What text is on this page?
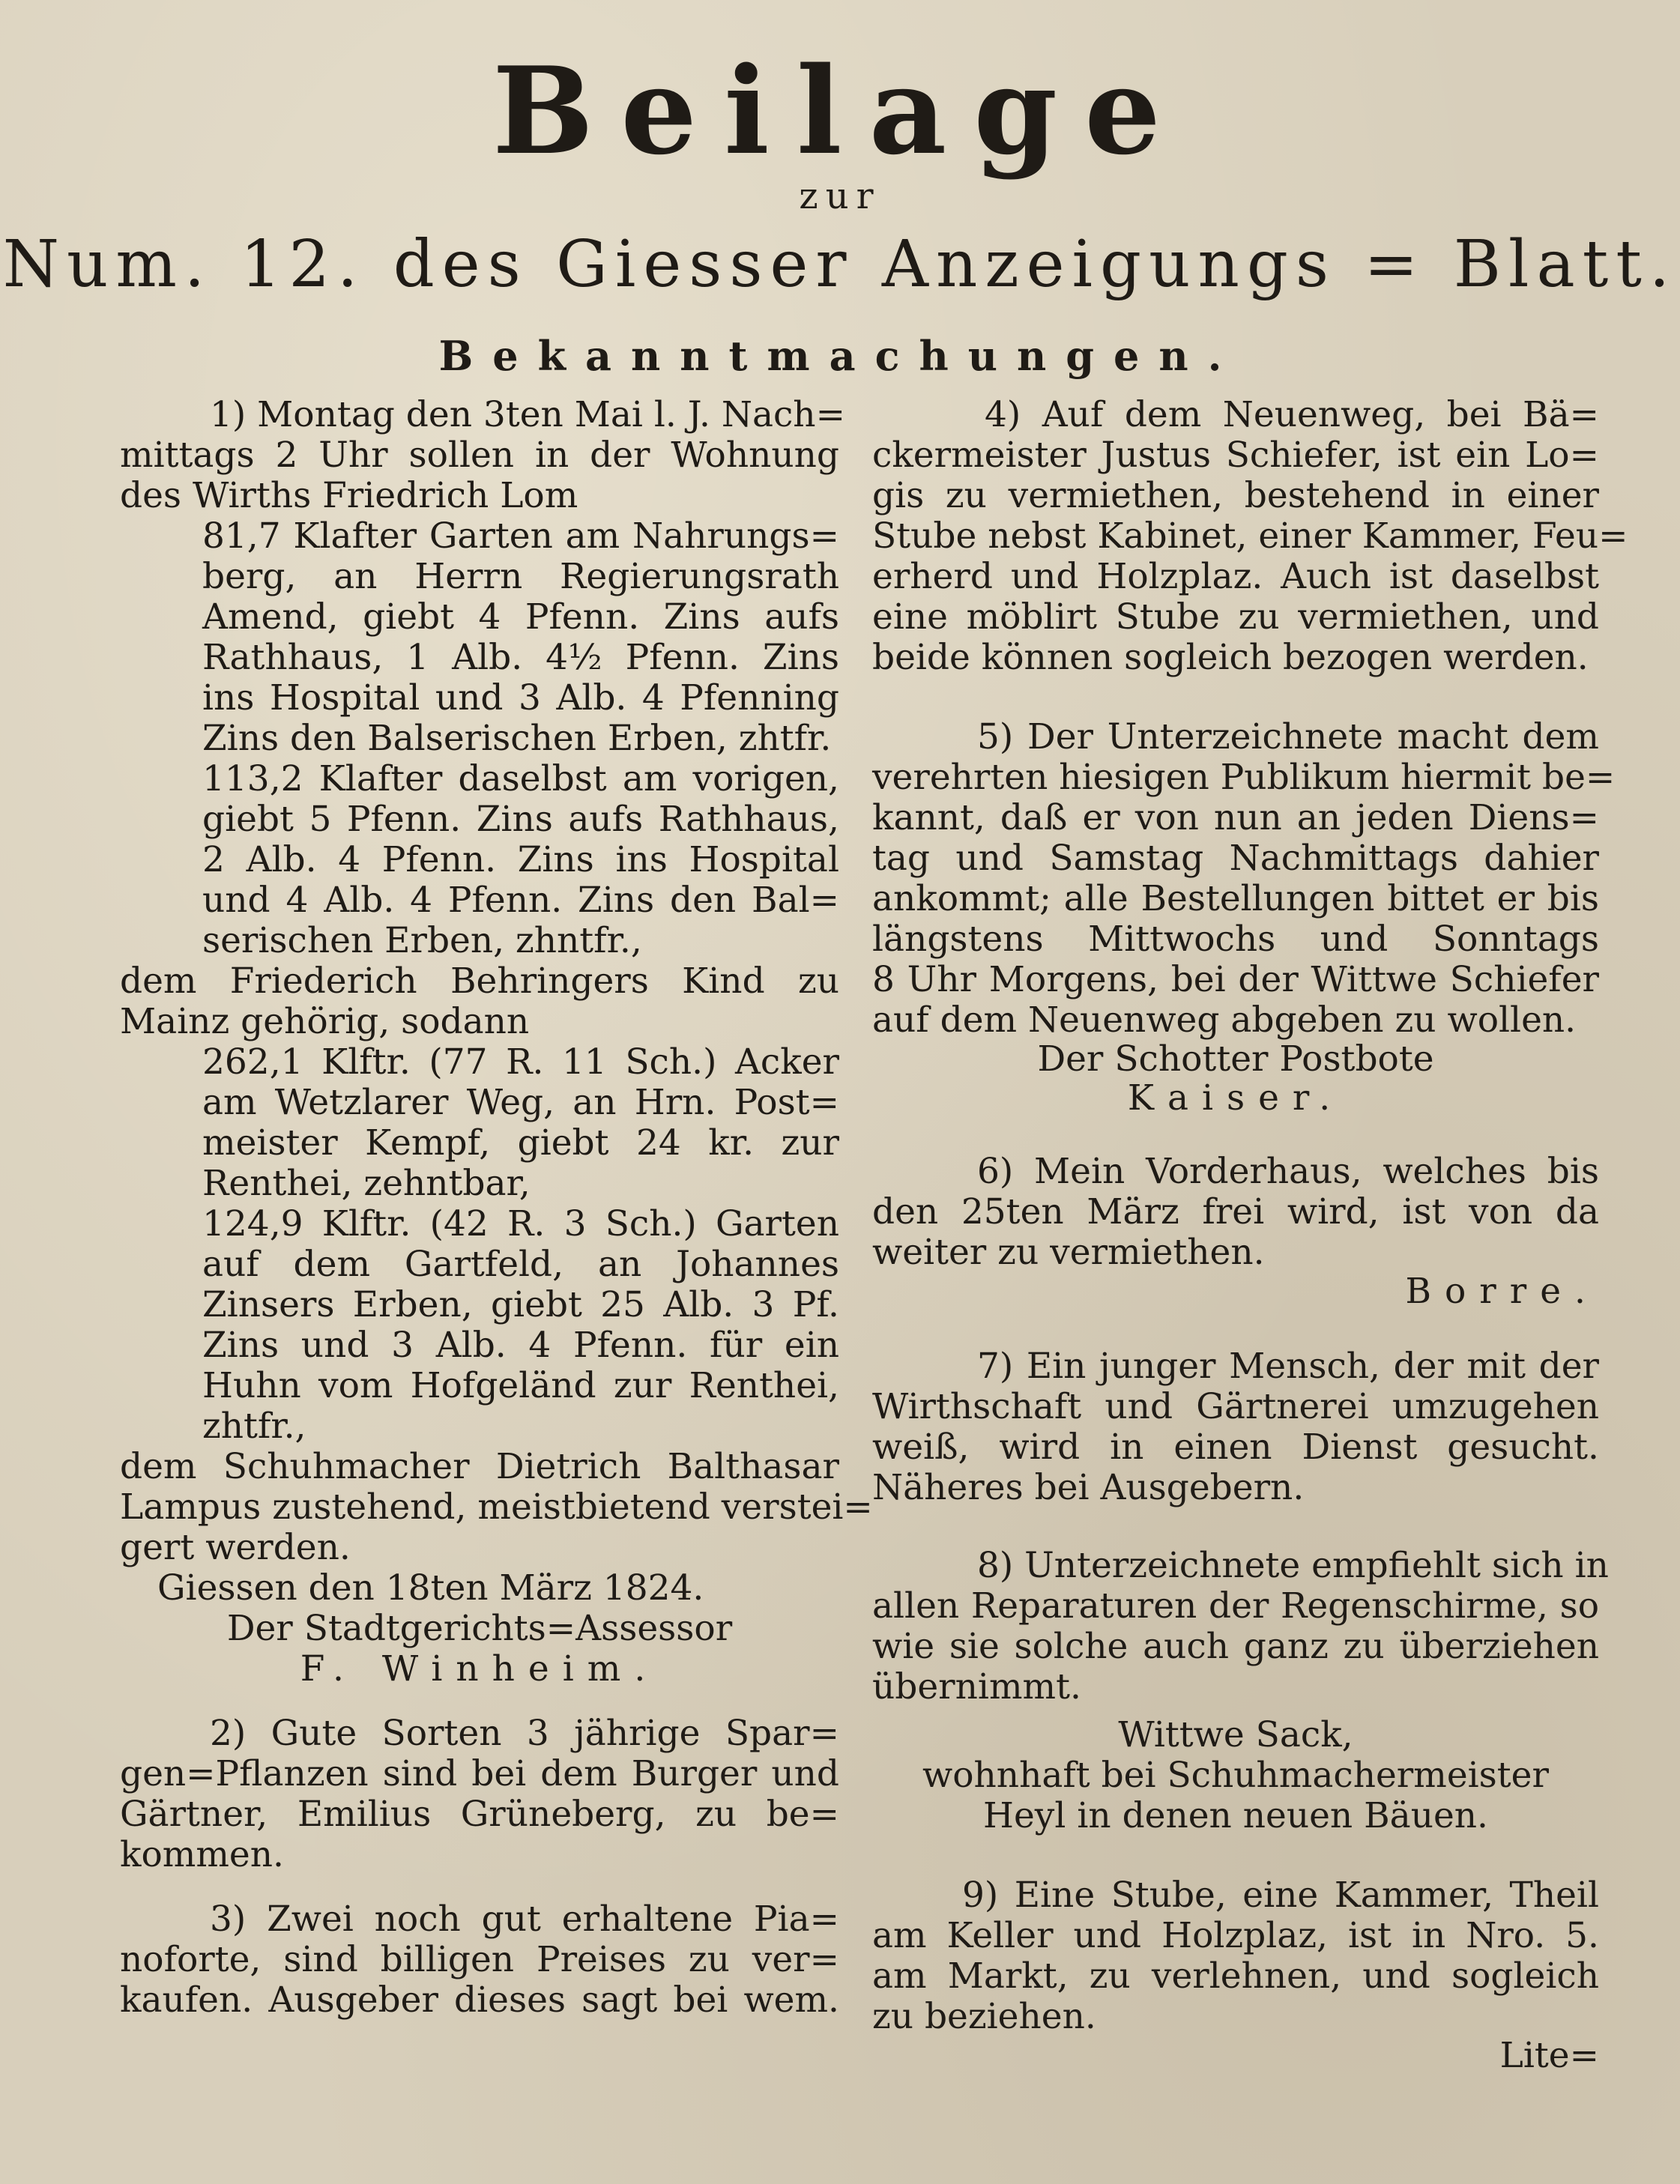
Beilage
zur
Num. 12. des Giesser Anzeigungs = Blatt.
Bekanntmachungen.
1) Montag den 3ten Mai l. J. Nach=
mittags 2 Uhr sollen in der Wohnung
des Wirths Friedrich Lom
81,7 Klafter Garten am Nahrungs=
berg, an Herrn Regierungsrath
Amend, giebt 4 Pfenn. Zins aufs
Rathhaus, 1 Alb. 4½ Pfenn. Zins
ins Hospital und 3 Alb. 4 Pfenning
Zins den Balserischen Erben, zhtfr.
113,2 Klafter daselbst am vorigen,
giebt 5 Pfenn. Zins aufs Rathhaus,
2 Alb. 4 Pfenn. Zins ins Hospital
und 4 Alb. 4 Pfenn. Zins den Bal=
serischen Erben, zhntfr.,
dem Friederich Behringers Kind zu
Mainz gehörig, sodann
262,1 Klftr. (77 R. 11 Sch.) Acker
am Wetzlarer Weg, an Hrn. Post=
meister Kempf, giebt 24 kr. zur
Renthei, zehntbar,
124,9 Klftr. (42 R. 3 Sch.) Garten
auf dem Gartfeld, an Johannes
Zinsers Erben, giebt 25 Alb. 3 Pf.
Zins und 3 Alb. 4 Pfenn. für ein
Huhn vom Hofgeländ zur Renthei,
zhtfr.,
dem Schuhmacher Dietrich Balthasar
Lampus zustehend, meistbietend verstei=
gert werden.
Giessen den 18ten März 1824.
Der Stadtgerichts=Assessor
F. Winheim.
2) Gute Sorten 3 jährige Spar=
gen=Pflanzen sind bei dem Burger und
Gärtner, Emilius Grüneberg, zu be=
kommen.
3) Zwei noch gut erhaltene Pia=
noforte, sind billigen Preises zu ver=
kaufen. Ausgeber dieses sagt bei wem.
4) Auf dem Neuenweg, bei Bä=
ckermeister Justus Schiefer, ist ein Lo=
gis zu vermiethen, bestehend in einer
Stube nebst Kabinet, einer Kammer, Feu=
erherd und Holzplaz. Auch ist daselbst
eine möblirt Stube zu vermiethen, und
beide können sogleich bezogen werden.
5) Der Unterzeichnete macht dem
verehrten hiesigen Publikum hiermit be=
kannt, daß er von nun an jeden Diens=
tag und Samstag Nachmittags dahier
ankommt; alle Bestellungen bittet er bis
längstens Mittwochs und Sonntags
8 Uhr Morgens, bei der Wittwe Schiefer
auf dem Neuenweg abgeben zu wollen.
Der Schotter Postbote
Kaiser.
6) Mein Vorderhaus, welches bis
den 25ten März frei wird, ist von da
weiter zu vermiethen.
Borre.
7) Ein junger Mensch, der mit der
Wirthschaft und Gärtnerei umzugehen
weiß, wird in einen Dienst gesucht.
Näheres bei Ausgebern.
8) Unterzeichnete empfiehlt sich in
allen Reparaturen der Regenschirme, so
wie sie solche auch ganz zu überziehen
übernimmt.
Wittwe Sack,
wohnhaft bei Schuhmachermeister
Heyl in denen neuen Bäuen.
9) Eine Stube, eine Kammer, Theil
am Keller und Holzplaz, ist in Nro. 5.
am Markt, zu verlehnen, und sogleich
zu beziehen.
Lite=
